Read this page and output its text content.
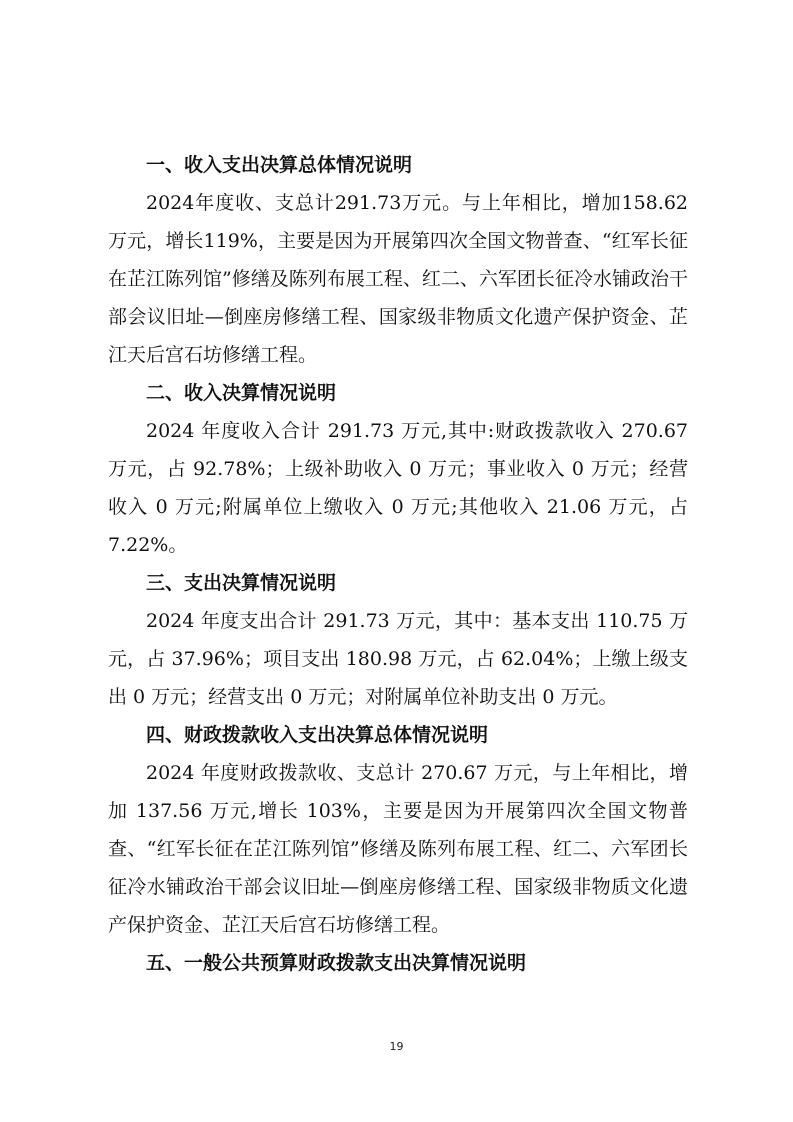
一、收入支出决算总体情况说明

2024年度收、支总计291.73万元。与上年相比，增加158.62万元，增长119%，主要是因为开展第四次全国文物普查、“红军长征在芷江陈列馆”修缮及陈列布展工程、红二、六军团长征冷水铺政治干部会议旧址—倒座房修缮工程、国家级非物质文化遗产保护资金、芷江天后宫石坊修缮工程。

二、收入决算情况说明

2024 年度收入合计 291.73 万元,其中:财政拨款收入 270.67 万元，占 92.78%；上级补助收入 0 万元；事业收入 0 万元；经营收入 0 万元;附属单位上缴收入 0 万元;其他收入 21.06 万元，占 7.22%。

三、支出决算情况说明

2024 年度支出合计 291.73 万元，其中：基本支出 110.75 万元，占 37.96%；项目支出 180.98 万元，占 62.04%；上缴上级支出 0 万元；经营支出 0 万元；对附属单位补助支出 0 万元。

四、财政拨款收入支出决算总体情况说明

2024 年度财政拨款收、支总计 270.67 万元，与上年相比，增加 137.56 万元,增长 103%，主要是因为开展第四次全国文物普查、“红军长征在芷江陈列馆”修缮及陈列布展工程、红二、六军团长征冷水铺政治干部会议旧址—倒座房修缮工程、国家级非物质文化遗产保护资金、芷江天后宫石坊修缮工程。

五、一般公共预算财政拨款支出决算情况说明
19
